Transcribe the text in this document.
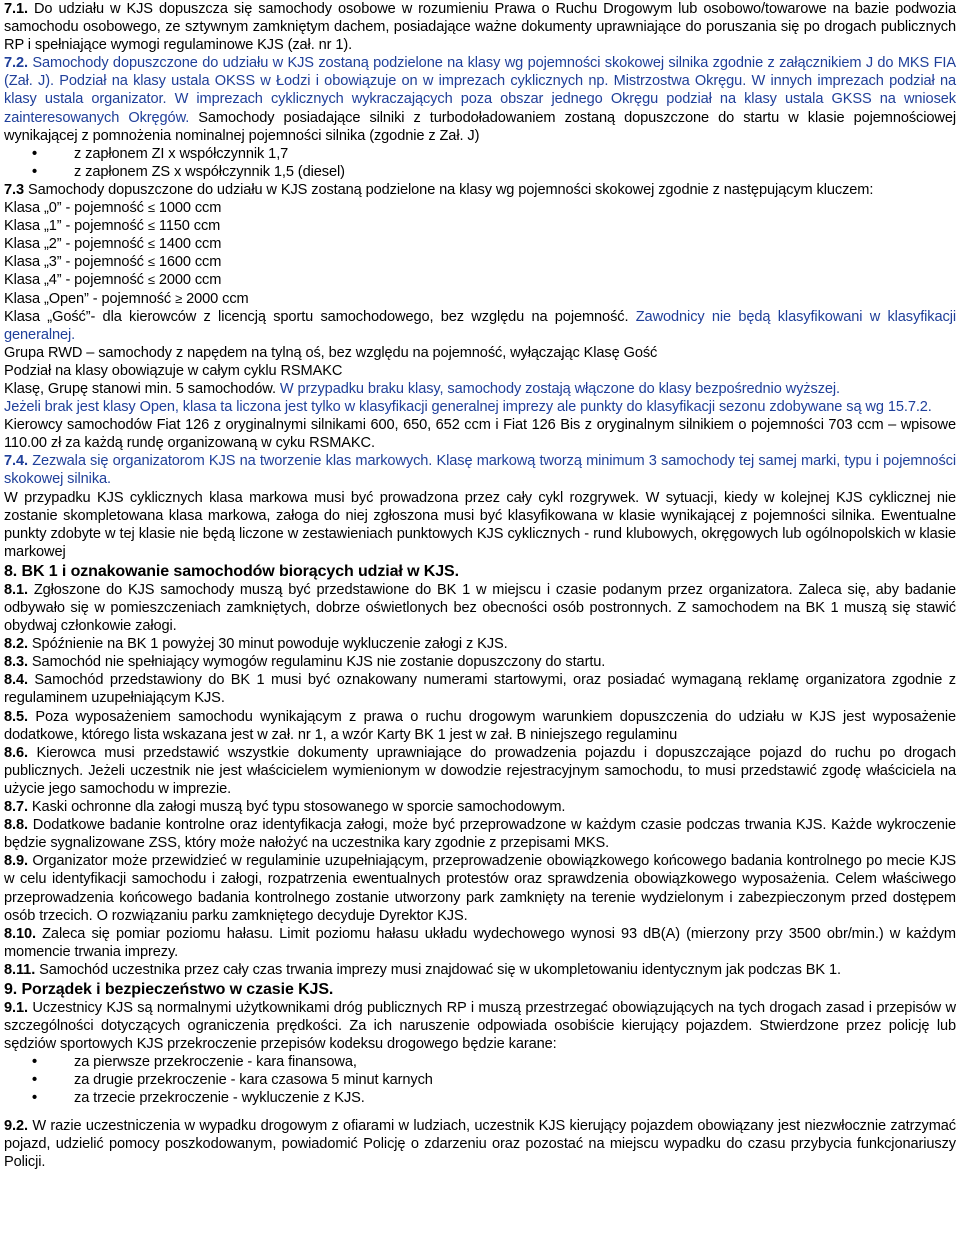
7.1. Do udziału w KJS dopuszcza się samochody osobowe w rozumieniu Prawa o Ruchu Drogowym lub osobowo/towarowe na bazie podwozia samochodu osobowego, ze sztywnym zamkniętym dachem, posiadające ważne dokumenty uprawniające do poruszania się po drogach publicznych RP i spełniające wymogi regulaminowe KJS (zał. nr 1).

7.2. Samochody dopuszczone do udziału w KJS zostaną podzielone na klasy wg pojemności skokowej silnika zgodnie z załącznikiem J do MKS FIA (Zał. J). Podział na klasy ustala OKSS w Łodzi i obowiązuje on w imprezach cyklicznych np. Mistrzostwa Okręgu. W innych imprezach podział na klasy ustala organizator. W imprezach cyklicznych wykraczających poza obszar jednego Okręgu podział na klasy ustala GKSS na wniosek zainteresowanych Okręgów. Samochody posiadające silniki z turbodoładowaniem zostaną dopuszczone do startu w klasie pojemnościowej wynikającej z pomnożenia nominalnej pojemności silnika (zgodnie z Zał. J)

• z zapłonem ZI x współczynnik 1,7
• z zapłonem ZS x współczynnik 1,5 (diesel)

7.3 Samochody dopuszczone do udziału w KJS zostaną podzielone na klasy wg pojemności skokowej zgodnie z następującym kluczem:

Klasa „0” - pojemność ≤ 1000 ccm
Klasa „1” - pojemność ≤ 1150 ccm
Klasa „2” - pojemność ≤ 1400 ccm
Klasa „3” - pojemność ≤ 1600 ccm
Klasa „4” - pojemność ≤ 2000 ccm
Klasa „Open” - pojemność ≥ 2000 ccm

Klasa „Gość”- dla kierowców z licencją sportu samochodowego, bez względu na pojemność. Zawodnicy nie będą klasyfikowani w klasyfikacji generalnej.

Grupa RWD – samochody z napędem na tylną oś, bez względu na pojemność, wyłączając Klasę Gość

Podział na klasy obowiązuje w całym cyklu RSMAKC

Klasę, Grupę stanowi min. 5 samochodów. W przypadku braku klasy, samochody zostają włączone do klasy bezpośrednio wyższej.

Jeżeli brak jest klasy Open, klasa ta liczona jest tylko w klasyfikacji generalnej imprezy ale punkty do klasyfikacji sezonu zdobywane są wg 15.7.2.

Kierowcy samochodów Fiat 126 z oryginalnymi silnikami 600, 650, 652 ccm i Fiat 126 Bis z oryginalnym silnikiem o pojemności 703 ccm – wpisowe 110.00 zł za każdą rundę organizowaną w cyku RSMAKC.

7.4. Zezwala się organizatorom KJS na tworzenie klas markowych. Klasę markową tworzą minimum 3 samochody tej samej marki, typu i pojemności skokowej silnika.

W przypadku KJS cyklicznych klasa markowa musi być prowadzona przez cały cykl rozgrywek. W sytuacji, kiedy w kolejnej KJS cyklicznej nie zostanie skompletowana klasa markowa, załoga do niej zgłoszona musi być klasyfikowana w klasie wynikającej z pojemności silnika. Ewentualne punkty zdobyte w tej klasie nie będą liczone w zestawieniach punktowych KJS cyklicznych - rund klubowych, okręgowych lub ogólnopolskich w klasie markowej

8. BK 1 i oznakowanie samochodów biorących udział w KJS.

8.1. Zgłoszone do KJS samochody muszą być przedstawione do BK 1 w miejscu i czasie podanym przez organizatora. Zaleca się, aby badanie odbywało się w pomieszczeniach zamkniętych, dobrze oświetlonych bez obecności osób postronnych. Z samochodem na BK 1 muszą się stawić obydwaj członkowie załogi.

8.2. Spóźnienie na BK 1 powyżej 30 minut powoduje wykluczenie załogi z KJS.

8.3. Samochód nie spełniający wymogów regulaminu KJS nie zostanie dopuszczony do startu.

8.4. Samochód przedstawiony do BK 1 musi być oznakowany numerami startowymi, oraz posiadać wymaganą reklamę organizatora zgodnie z regulaminem uzupełniającym KJS.

8.5. Poza wyposażeniem samochodu wynikającym z prawa o ruchu drogowym warunkiem dopuszczenia do udziału w KJS jest wyposażenie dodatkowe, którego lista wskazana jest w zał. nr 1, a wzór Karty BK 1 jest w zał. B niniejszego regulaminu

8.6. Kierowca musi przedstawić wszystkie dokumenty uprawniające do prowadzenia pojazdu i dopuszczające pojazd do ruchu po drogach publicznych. Jeżeli uczestnik nie jest właścicielem wymienionym w dowodzie rejestracyjnym samochodu, to musi przedstawić zgodę właściciela na użycie jego samochodu w imprezie.

8.7. Kaski ochronne dla załogi muszą być typu stosowanego w sporcie samochodowym.

8.8. Dodatkowe badanie kontrolne oraz identyfikacja załogi, może być przeprowadzone w każdym czasie podczas trwania KJS. Każde wykroczenie będzie sygnalizowane ZSS, który może nałożyć na uczestnika kary zgodnie z przepisami MKS.

8.9. Organizator może przewidzieć w regulaminie uzupełniającym, przeprowadzenie obowiązkowego końcowego badania kontrolnego po mecie KJS w celu identyfikacji samochodu i załogi, rozpatrzenia ewentualnych protestów oraz sprawdzenia obowiązkowego wyposażenia. Celem właściwego przeprowadzenia końcowego badania kontrolnego zostanie utworzony park zamknięty na terenie wydzielonym i zabezpieczonym przed dostępem osób trzecich. O rozwiązaniu parku zamkniętego decyduje Dyrektor KJS.

8.10. Zaleca się pomiar poziomu hałasu. Limit poziomu hałasu układu wydechowego wynosi 93 dB(A) (mierzony przy 3500 obr/min.) w każdym momencie trwania imprezy.

8.11. Samochód uczestnika przez cały czas trwania imprezy musi znajdować się w ukompletowaniu identycznym jak podczas BK 1.

9. Porządek i bezpieczeństwo w czasie KJS.

9.1. Uczestnicy KJS są normalnymi użytkownikami dróg publicznych RP i muszą przestrzegać obowiązujących na tych drogach zasad i przepisów w szczególności dotyczących ograniczenia prędkości. Za ich naruszenie odpowiada osobiście kierujący pojazdem. Stwierdzone przez policję lub sędziów sportowych KJS przekroczenie przepisów kodeksu drogowego będzie karane:

• za pierwsze przekroczenie - kara finansowa,
• za drugie przekroczenie - kara czasowa 5 minut karnych
• za trzecie przekroczenie - wykluczenie z KJS.

9.2. W razie uczestniczenia w wypadku drogowym z ofiarami w ludziach, uczestnik KJS kierujący pojazdem obowiązany jest niezwłocznie zatrzymać pojazd, udzielić pomocy poszkodowanym, powiadomić Policję o zdarzeniu oraz pozostać na miejscu wypadku do czasu przybycia funkcjonariuszy Policji.
